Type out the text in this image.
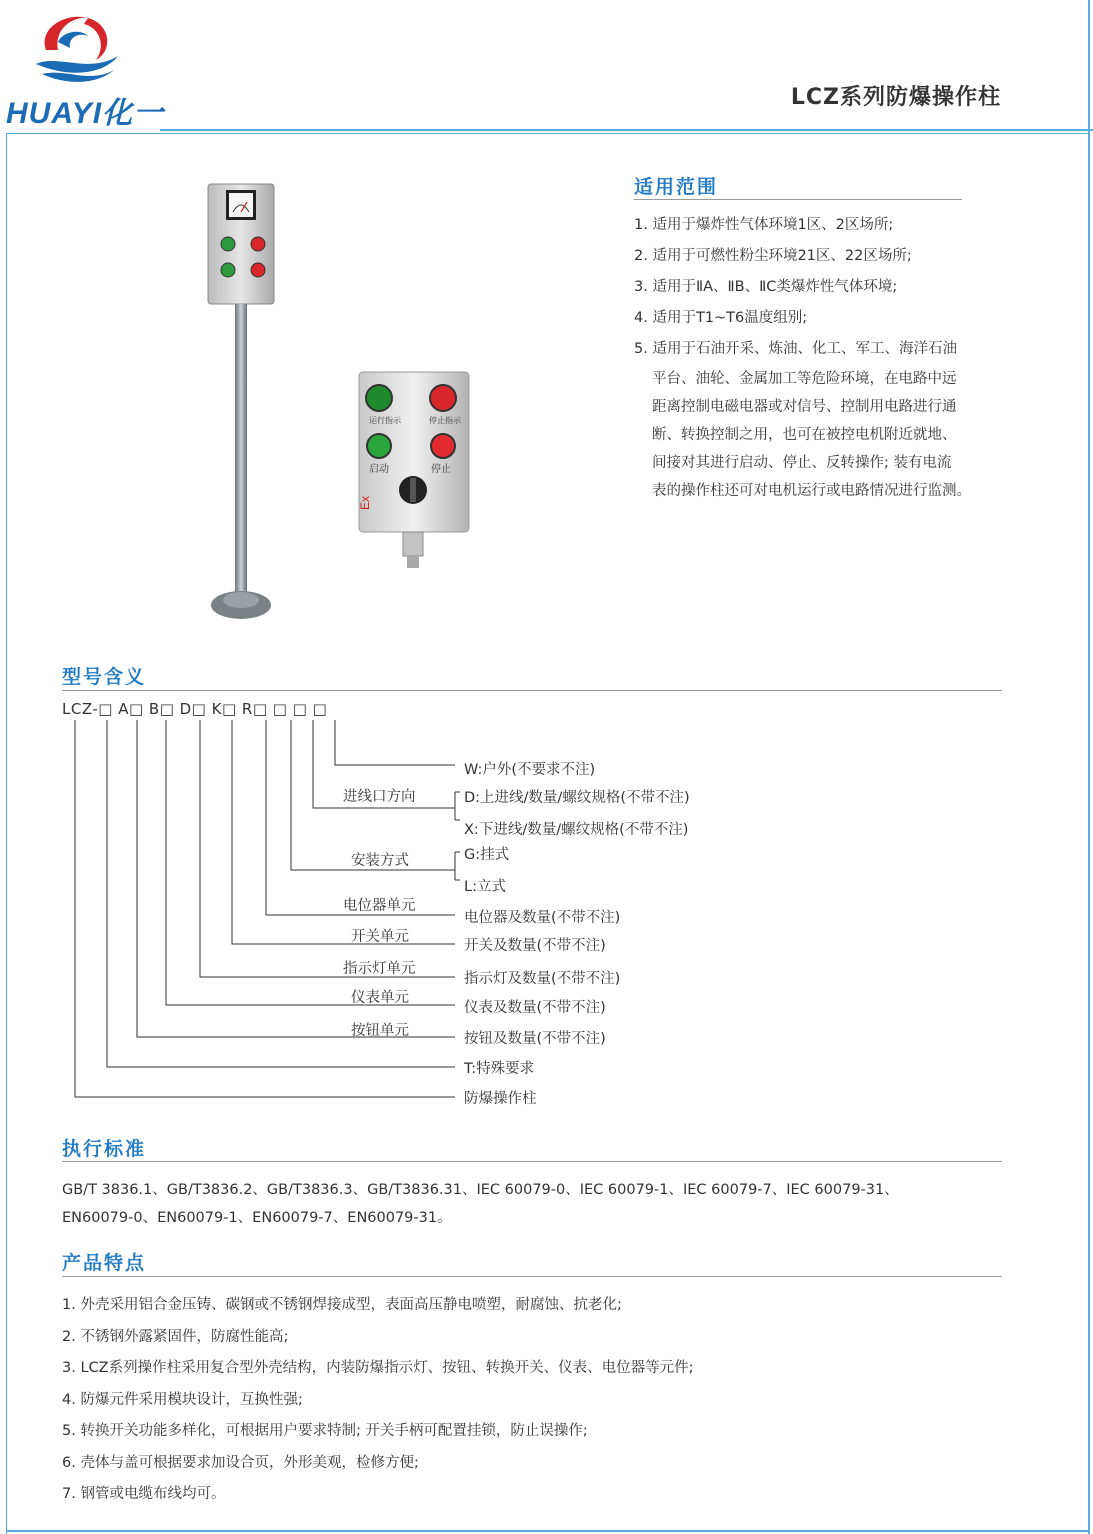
HUAYI化一	LCZ系列防爆操作柱
Ex
运行指示	停止指示
启动	停止
适用范围
1. 适用于爆炸性气体环境1区、2区场所;
2. 适用于可燃性粉尘环境21区、22区场所;
3. 适用于ⅡA、ⅡB、ⅡC类爆炸性气体环境;
4. 适用于T1~T6温度组别;
5. 适用于石油开采、炼油、化工、军工、海洋石油
平台、油轮、金属加工等危险环境，在电路中远
距离控制电磁电器或对信号、控制用电路进行通
断、转换控制之用，也可在被控电机附近就地、
间接对其进行启动、停止、反转操作; 装有电流
表的操作柱还可对电机运行或电路情况进行监测。
型号含义
LCZ-□ A□ B□ D□ K□ R□ □ □ □
进线口方向
安装方式
电位器单元
开关单元
指示灯单元
仪表单元
按钮单元
W:户外(不要求不注)
D:上进线/数量/螺纹规格(不带不注)
X:下进线/数量/螺纹规格(不带不注)
G:挂式
L:立式
电位器及数量(不带不注)
开关及数量(不带不注)
指示灯及数量(不带不注)
仪表及数量(不带不注)
按钮及数量(不带不注)
T:特殊要求
防爆操作柱
执行标准
GB/T 3836.1、GB/T3836.2、GB/T3836.3、GB/T3836.31、IEC 60079-0、IEC 60079-1、IEC 60079-7、IEC 60079-31、
EN60079-0、EN60079-1、EN60079-7、EN60079-31。
产品特点
1. 外壳采用铝合金压铸、碳钢或不锈钢焊接成型，表面高压静电喷塑，耐腐蚀、抗老化;
2. 不锈钢外露紧固件，防腐性能高;
3. LCZ系列操作柱采用复合型外壳结构，内装防爆指示灯、按钮、转换开关、仪表、电位器等元件;
4. 防爆元件采用模块设计，互换性强;
5. 转换开关功能多样化，可根据用户要求特制; 开关手柄可配置挂锁，防止误操作;
6. 壳体与盖可根据要求加设合页，外形美观，检修方便;
7. 钢管或电缆布线均可。
